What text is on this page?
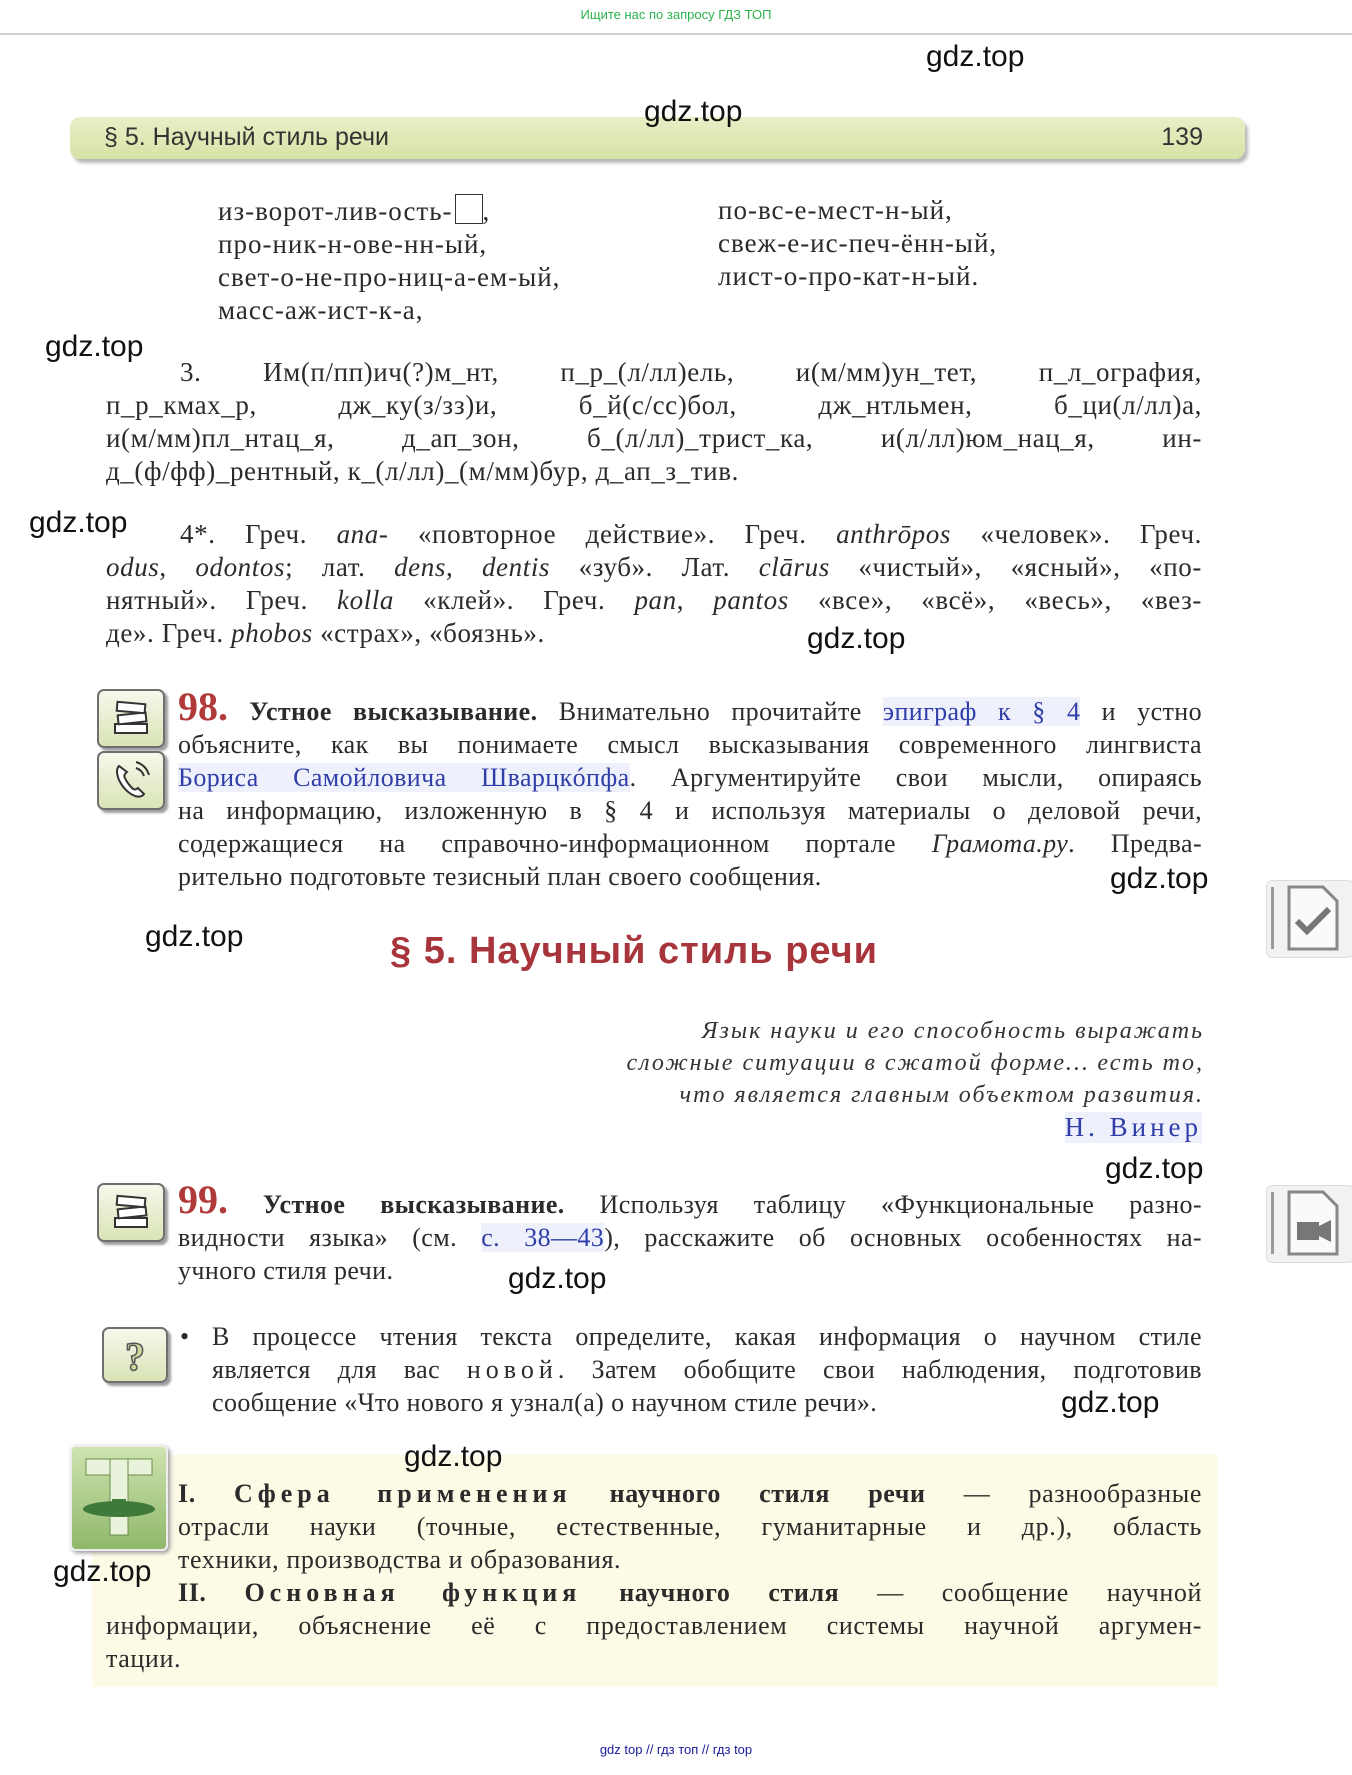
Ищите нас по запросу ГДЗ ТОП
§ 5. Научный стиль речи	139
из-ворот-лив-ость- ,
про-ник-н-ове-нн-ый,
свет-о-не-про-ниц-а-ем-ый,
масс-аж-ист-к-а,
по-вс-е-мест-н-ый,
свеж-е-ис-печ-ённ-ый,
лист-о-про-кат-н-ый.
3. Им(п/пп)ич(?)м_нт, п_р_(л/лл)ель, и(м/мм)ун_тет, п_л_ография,
п_р_кмах_р, дж_ку(з/зз)и, б_й(с/сс)бол, дж_нтльмен, б_ци(л/лл)а,
и(м/мм)пл_нтац_я, д_ап_зон, б_(л/лл)_трист_ка, и(л/лл)юм_нац_я, ин-
д_(ф/фф)_рентный, к_(л/лл)_(м/мм)бур, д_ап_з_тив.
4*. Греч. ana- «повторное действие». Греч. anthrōpos «человек». Греч.
odus, odontos; лат. dens, dentis «зуб». Лат. clārus «чистый», «ясный», «по-
нятный». Греч. kolla «клей». Греч. pan, pantos «все», «всё», «весь», «вез-
де». Греч. phobos «страх», «боязнь».
98. Устное высказывание. Внимательно прочитайте эпиграф к § 4 и устно
объясните, как вы понимаете смысл высказывания современного лингвиста
Бориса Самойловича Шварцкóпфа. Аргументируйте свои мысли, опираясь
на информацию, изложенную в § 4 и используя материалы о деловой речи,
содержащиеся на справочно-информационном портале Грамота.ру. Предва-
рительно подготовьте тезисный план своего сообщения.
§ 5. Научный стиль речи
Язык науки и его способность выражать
сложные ситуации в сжатой форме… есть то,
что является главным объектом развития.
Н. Винер
99. Устное высказывание. Используя таблицу «Функциональные разно-
видности языка» (см. с. 38—43), расскажите об основных особенностях на-
учного стиля речи.
? • В процессе чтения текста определите, какая информация о научном стиле
является для вас новой. Затем обобщите свои наблюдения, подготовив
сообщение «Что нового я узнал(а) о научном стиле речи».
I. Сфера применения научного стиля речи — разнообразные
отрасли науки (точные, естественные, гуманитарные и др.), область
техники, производства и образования.
II. Основная функция научного стиля — сообщение научной
информации, объяснение её с предоставлением системы научной аргумен-
тации.
gdz.top
gdz.top
gdz.top
gdz.top
gdz.top
gdz.top
gdz.top
gdz.top
gdz.top
gdz.top
gdz.top
gdz.top
gdz top // гдз топ // гдз top
